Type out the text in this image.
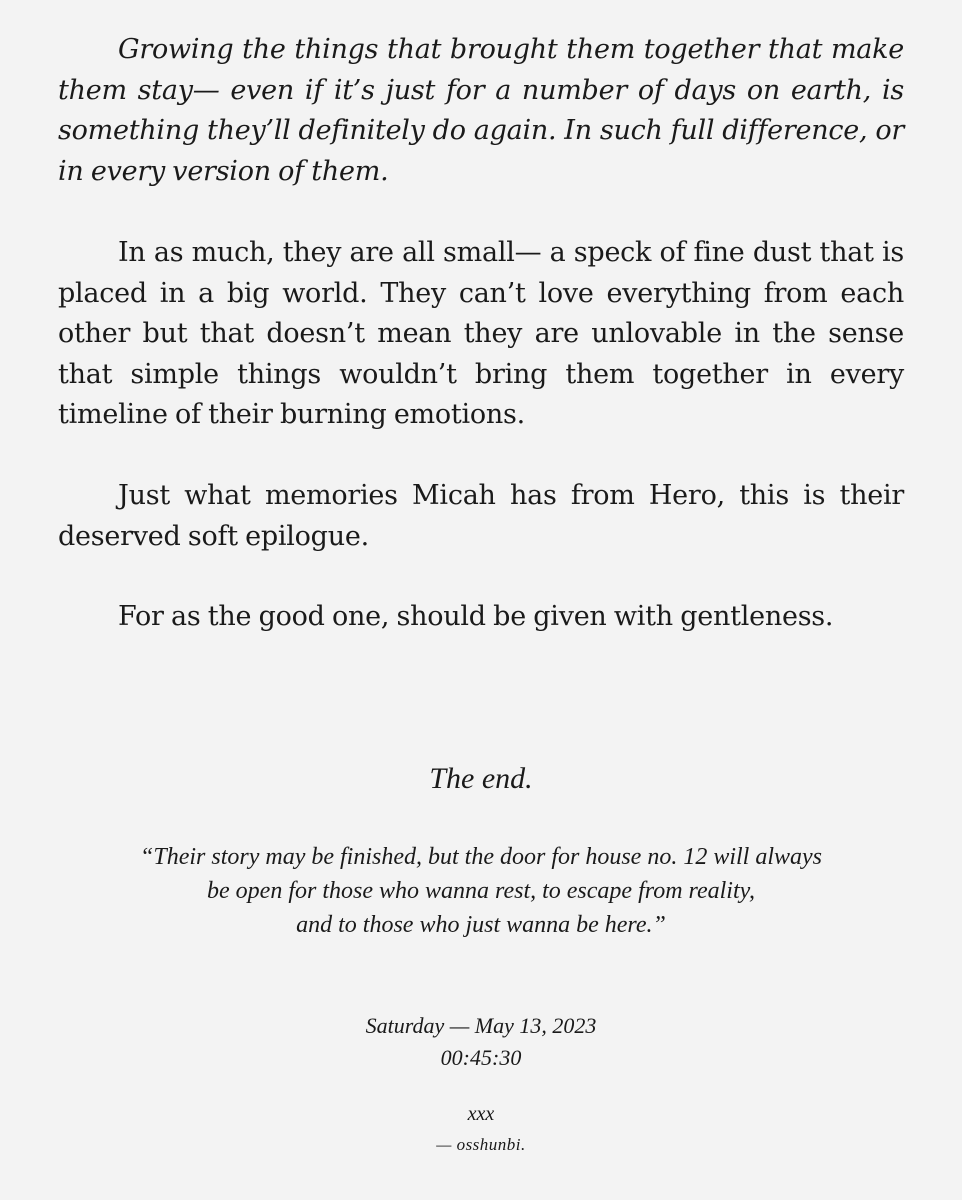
Growing the things that brought them together that make them stay— even if it’s just for a number of days on earth, is something they’ll definitely do again. In such full difference, or in every version of them.

In as much, they are all small— a speck of fine dust that is placed in a big world. They can’t love everything from each other but that doesn’t mean they are unlovable in the sense that simple things wouldn’t bring them together in every timeline of their burning emotions.

Just what memories Micah has from Hero, this is their deserved soft epilogue.

For as the good one, should be given with gentleness.

The end.
“Their story may be finished, but the door for house no. 12 will always
be open for those who wanna rest, to escape from reality,
and to those who just wanna be here.”
Saturday — May 13, 2023
00:45:30
xxx
— osshunbi.
